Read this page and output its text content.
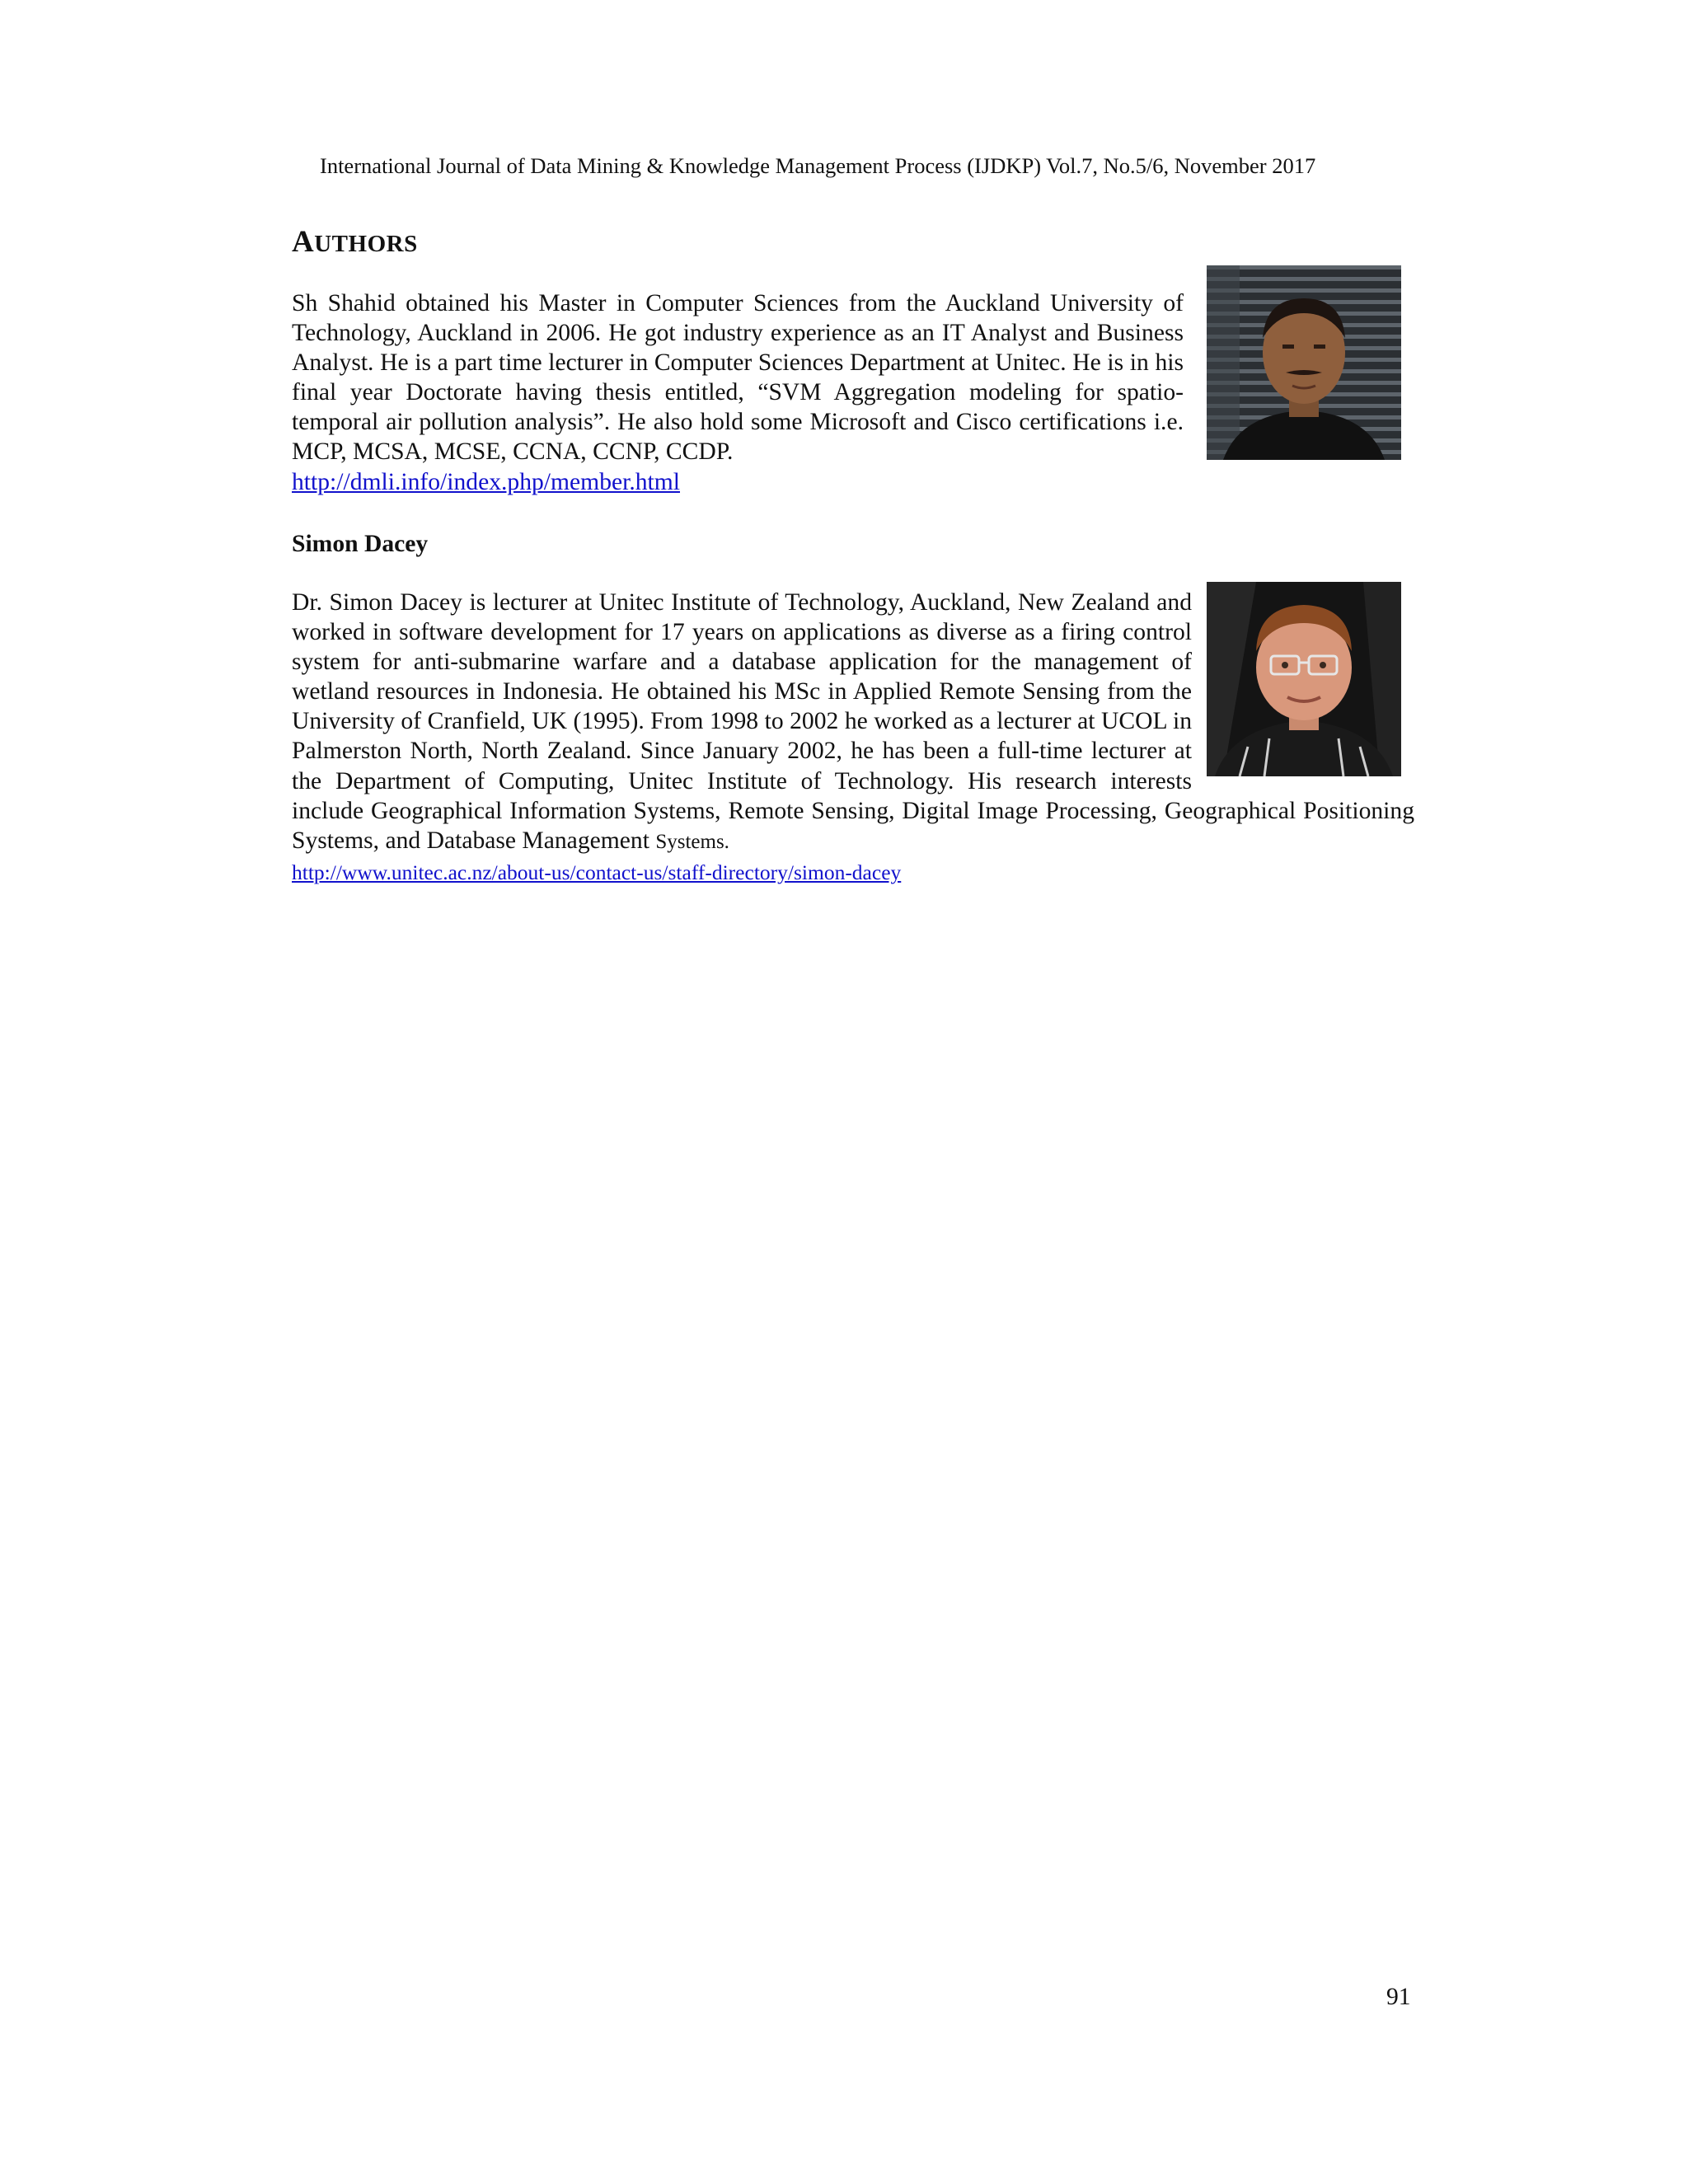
International Journal of Data Mining & Knowledge Management Process (IJDKP) Vol.7, No.5/6, November 2017
AUTHORS

Sh Shahid obtained his Master in Computer Sciences from the Auckland University of Technology, Auckland in 2006. He got industry experience as an IT Analyst and Business Analyst. He is a part time lecturer in Computer Sciences Department at Unitec. He is in his final year Doctorate having thesis entitled, “SVM Aggregation modeling for spatio-temporal air pollution analysis”. He also hold some Microsoft and Cisco certifications i.e. MCP, MCSA, MCSE, CCNA, CCNP, CCDP.

http://dmli.info/index.php/member.html
Simon Dacey

Dr. Simon Dacey is lecturer at Unitec Institute of Technology, Auckland, New Zealand and worked in software development for 17 years on applications as diverse as a firing control system for anti-submarine warfare and a database application for the management of wetland resources in Indonesia. He obtained his MSc in Applied Remote Sensing from the University of Cranfield, UK (1995). From 1998 to 2002 he worked as a lecturer at UCOL in Palmerston North, North Zealand. Since January 2002, he has been a full-time lecturer at the Department of Computing, Unitec Institute of Technology. His research interests include Geographical Information Systems, Remote Sensing, Digital Image Processing, Geographical Positioning Systems, and Database Management Systems.

http://www.unitec.ac.nz/about-us/contact-us/staff-directory/simon-dacey
91
